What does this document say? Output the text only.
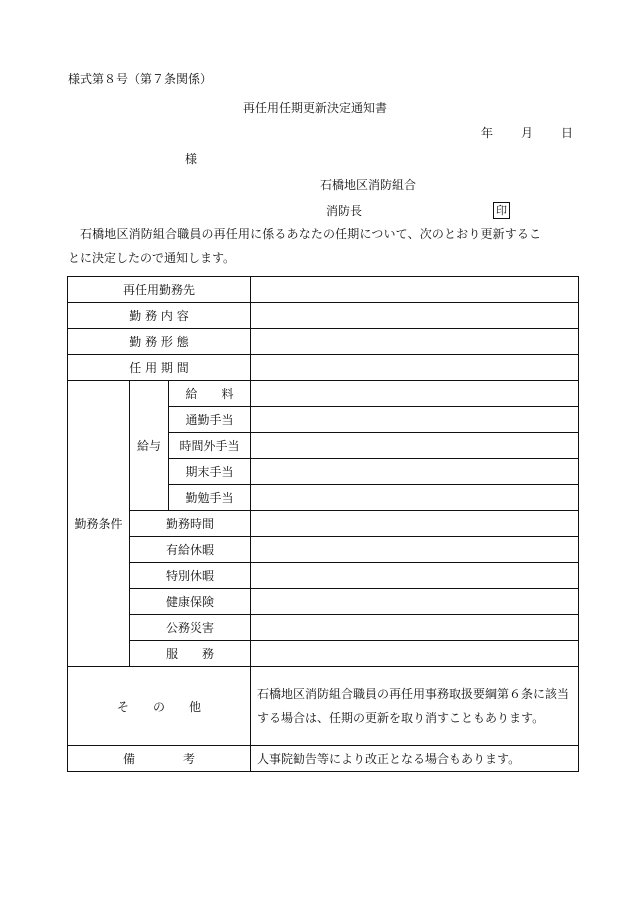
様式第８号（第７条関係）
再任用任期更新決定通知書
年 月 日
様
石橋地区消防組合
消防長	印
石橋地区消防組合職員の再任用に係るあなたの任期について、次のとおり更新するこ
とに決定したので通知します。
再任用勤務先			
勤 務 内 容			
勤 務 形 態			
任 用 期 間			
勤務条件	給与	給　　料	
		通勤手当	
		時間外手当	
		期末手当	
		勤勉手当	
	勤務時間		
	有給休暇		
	特別休暇		
	健康保険		
	公務災害		
	服　　務		
そ　　の　　他			石橋地区消防組合職員の再任用事務取扱要綱第６条に該当する場合は、任期の更新を取り消すこともあります。
備　　　　考			人事院勧告等により改正となる場合もあります。
